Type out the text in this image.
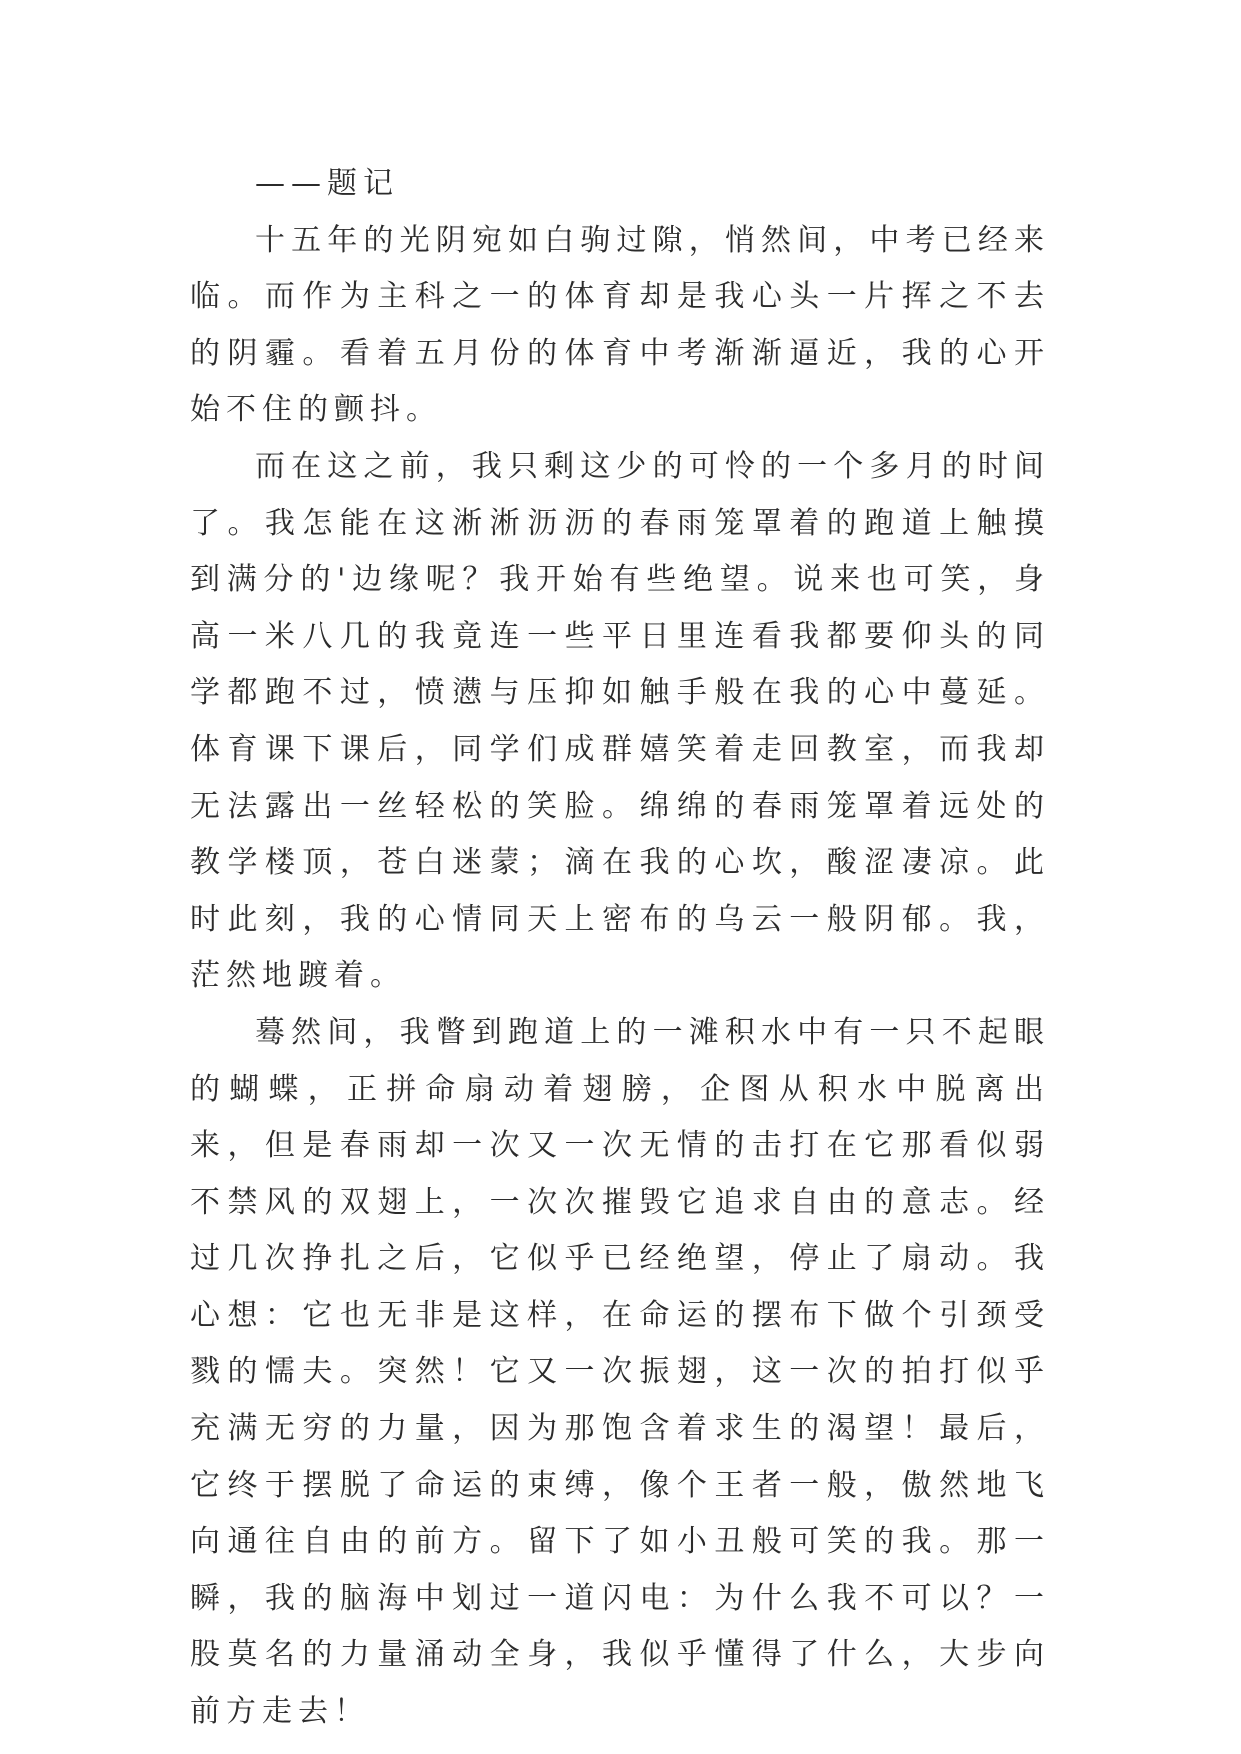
——题记

十五年的光阴宛如白驹过隙，悄然间，中考已经来临。而作为主科之一的体育却是我心头一片挥之不去的阴霾。看着五月份的体育中考渐渐逼近，我的心开始不住的颤抖。

而在这之前，我只剩这少的可怜的一个多月的时间了。我怎能在这淅淅沥沥的春雨笼罩着的跑道上触摸到满分的'边缘呢？我开始有些绝望。说来也可笑，身高一米八几的我竟连一些平日里连看我都要仰头的同学都跑不过，愤懑与压抑如触手般在我的心中蔓延。体育课下课后，同学们成群嬉笑着走回教室，而我却无法露出一丝轻松的笑脸。绵绵的春雨笼罩着远处的教学楼顶，苍白迷蒙；滴在我的心坎，酸涩凄凉。此时此刻，我的心情同天上密布的乌云一般阴郁。我，茫然地踱着。

蓦然间，我瞥到跑道上的一滩积水中有一只不起眼的蝴蝶，正拼命扇动着翅膀，企图从积水中脱离出来，但是春雨却一次又一次无情的击打在它那看似弱不禁风的双翅上，一次次摧毁它追求自由的意志。经过几次挣扎之后，它似乎已经绝望，停止了扇动。我心想：它也无非是这样，在命运的摆布下做个引颈受戮的懦夫。突然！它又一次振翅，这一次的拍打似乎充满无穷的力量，因为那饱含着求生的渴望！最后，它终于摆脱了命运的束缚，像个王者一般，傲然地飞向通往自由的前方。留下了如小丑般可笑的我。那一瞬，我的脑海中划过一道闪电：为什么我不可以？一股莫名的力量涌动全身，我似乎懂得了什么，大步向前方走去！
